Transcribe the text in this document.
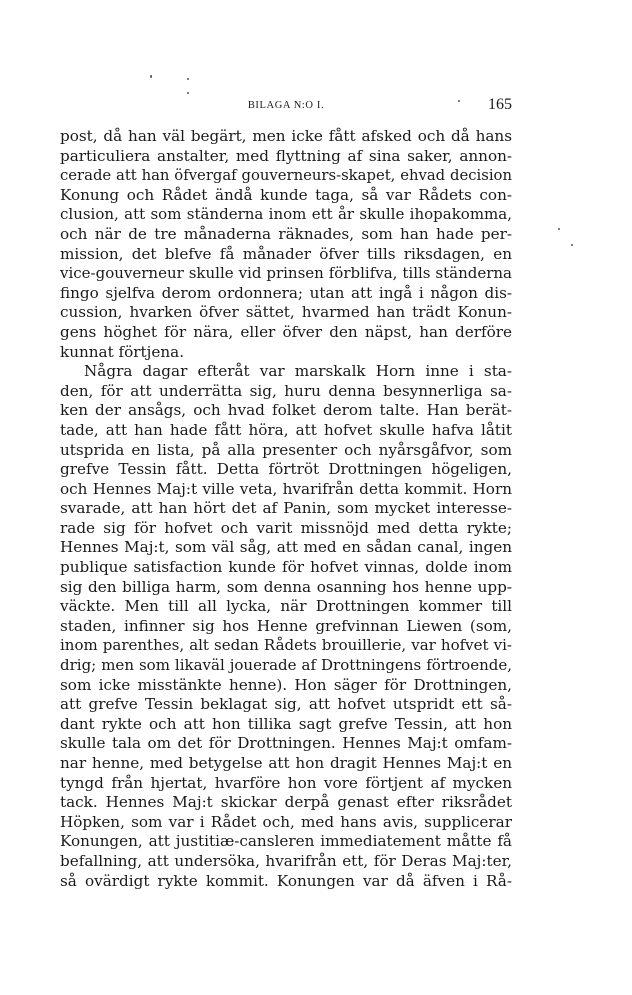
BILAGA N:O I.	165
post, då han väl begärt, men icke fått afsked och då hans
particuliera anstalter, med flyttning af sina saker, annon-
cerade att han öfvergaf gouverneurs-skapet, ehvad decision
Konung och Rådet ändå kunde taga, så var Rådets con-
clusion, att som ständerna inom ett år skulle ihopakomma,
och när de tre månaderna räknades, som han hade per-
mission, det blefve få månader öfver tills riksdagen, en
vice-gouverneur skulle vid prinsen förblifva, tills ständerna
fingo sjelfva derom ordonnera; utan att ingå i någon dis-
cussion, hvarken öfver sättet, hvarmed han trädt Konun-
gens höghet för nära, eller öfver den näpst, han derföre
kunnat förtjena.
Några dagar efteråt var marskalk Horn inne i sta-
den, för att underrätta sig, huru denna besynnerliga sa-
ken der ansågs, och hvad folket derom talte. Han berät-
tade, att han hade fått höra, att hofvet skulle hafva låtit
utsprida en lista, på alla presenter och nyårsgåfvor, som
grefve Tessin fått. Detta förtröt Drottningen högeligen,
och Hennes Maj:t ville veta, hvarifrån detta kommit. Horn
svarade, att han hört det af Panin, som mycket interesse-
rade sig för hofvet och varit missnöjd med detta rykte;
Hennes Maj:t, som väl såg, att med en sådan canal, ingen
publique satisfaction kunde för hofvet vinnas, dolde inom
sig den billiga harm, som denna osanning hos henne upp-
väckte. Men till all lycka, när Drottningen kommer till
staden, infinner sig hos Henne grefvinnan Liewen (som,
inom parenthes, alt sedan Rådets brouillerie, var hofvet vi-
drig; men som likaväl jouerade af Drottningens förtroende,
som icke misstänkte henne). Hon säger för Drottningen,
att grefve Tessin beklagat sig, att hofvet utspridt ett så-
dant rykte och att hon tillika sagt grefve Tessin, att hon
skulle tala om det för Drottningen. Hennes Maj:t omfam-
nar henne, med betygelse att hon dragit Hennes Maj:t en
tyngd från hjertat, hvarföre hon vore förtjent af mycken
tack. Hennes Maj:t skickar derpå genast efter riksrådet
Höpken, som var i Rådet och, med hans avis, supplicerar
Konungen, att justitiæ-cansleren immediatement måtte få
befallning, att undersöka, hvarifrån ett, för Deras Maj:ter,
så ovärdigt rykte kommit. Konungen var då äfven i Rå-
